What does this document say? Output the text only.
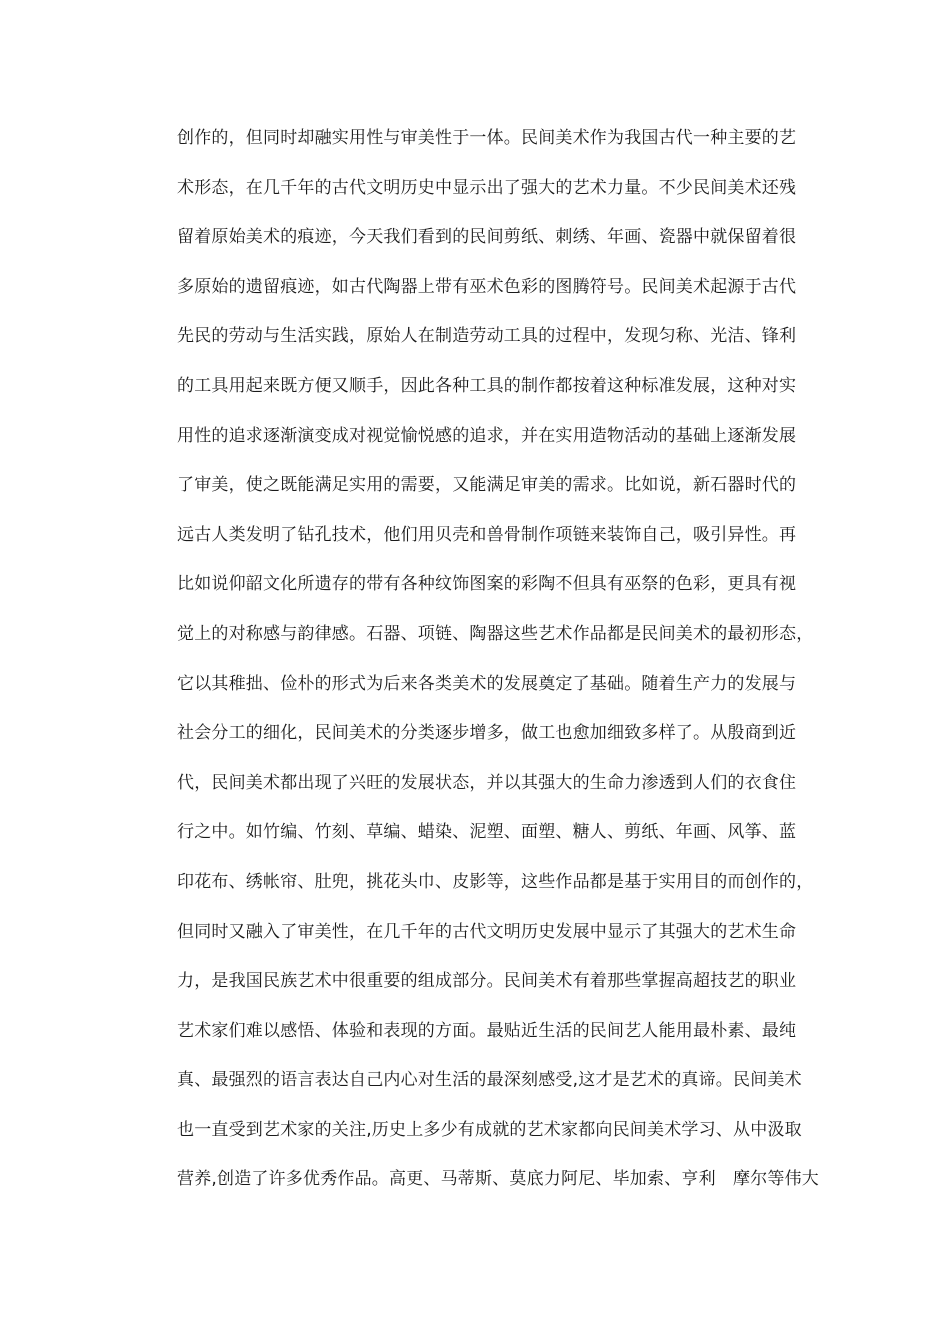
创作的，但同时却融实用性与审美性于一体。民间美术作为我国古代一种主要的艺
术形态，在几千年的古代文明历史中显示出了强大的艺术力量。不少民间美术还残
留着原始美术的痕迹，今天我们看到的民间剪纸、刺绣、年画、瓷器中就保留着很
多原始的遗留痕迹，如古代陶器上带有巫术色彩的图腾符号。民间美术起源于古代
先民的劳动与生活实践，原始人在制造劳动工具的过程中，发现匀称、光洁、锋利
的工具用起来既方便又顺手，因此各种工具的制作都按着这种标准发展，这种对实
用性的追求逐渐演变成对视觉愉悦感的追求，并在实用造物活动的基础上逐渐发展
了审美，使之既能满足实用的需要，又能满足审美的需求。比如说，新石器时代的
远古人类发明了钻孔技术，他们用贝壳和兽骨制作项链来装饰自己，吸引异性。再
比如说仰韶文化所遗存的带有各种纹饰图案的彩陶不但具有巫祭的色彩，更具有视
觉上的对称感与韵律感。石器、项链、陶器这些艺术作品都是民间美术的最初形态，
它以其稚拙、俭朴的形式为后来各类美术的发展奠定了基础。随着生产力的发展与
社会分工的细化，民间美术的分类逐步增多，做工也愈加细致多样了。从殷商到近
代，民间美术都出现了兴旺的发展状态，并以其强大的生命力渗透到人们的衣食住
行之中。如竹编、竹刻、草编、蜡染、泥塑、面塑、糖人、剪纸、年画、风筝、蓝
印花布、绣帐帘、肚兜，挑花头巾、皮影等，这些作品都是基于实用目的而创作的，
但同时又融入了审美性，在几千年的古代文明历史发展中显示了其强大的艺术生命
力，是我国民族艺术中很重要的组成部分。民间美术有着那些掌握高超技艺的职业
艺术家们难以感悟、体验和表现的方面。最贴近生活的民间艺人能用最朴素、最纯
真、最强烈的语言表达自己内心对生活的最深刻感受,这才是艺术的真谛。民间美术
也一直受到艺术家的关注,历史上多少有成就的艺术家都向民间美术学习、从中汲取
营养,创造了许多优秀作品。高更、马蒂斯、莫底力阿尼、毕加索、亨利　摩尔等伟大
